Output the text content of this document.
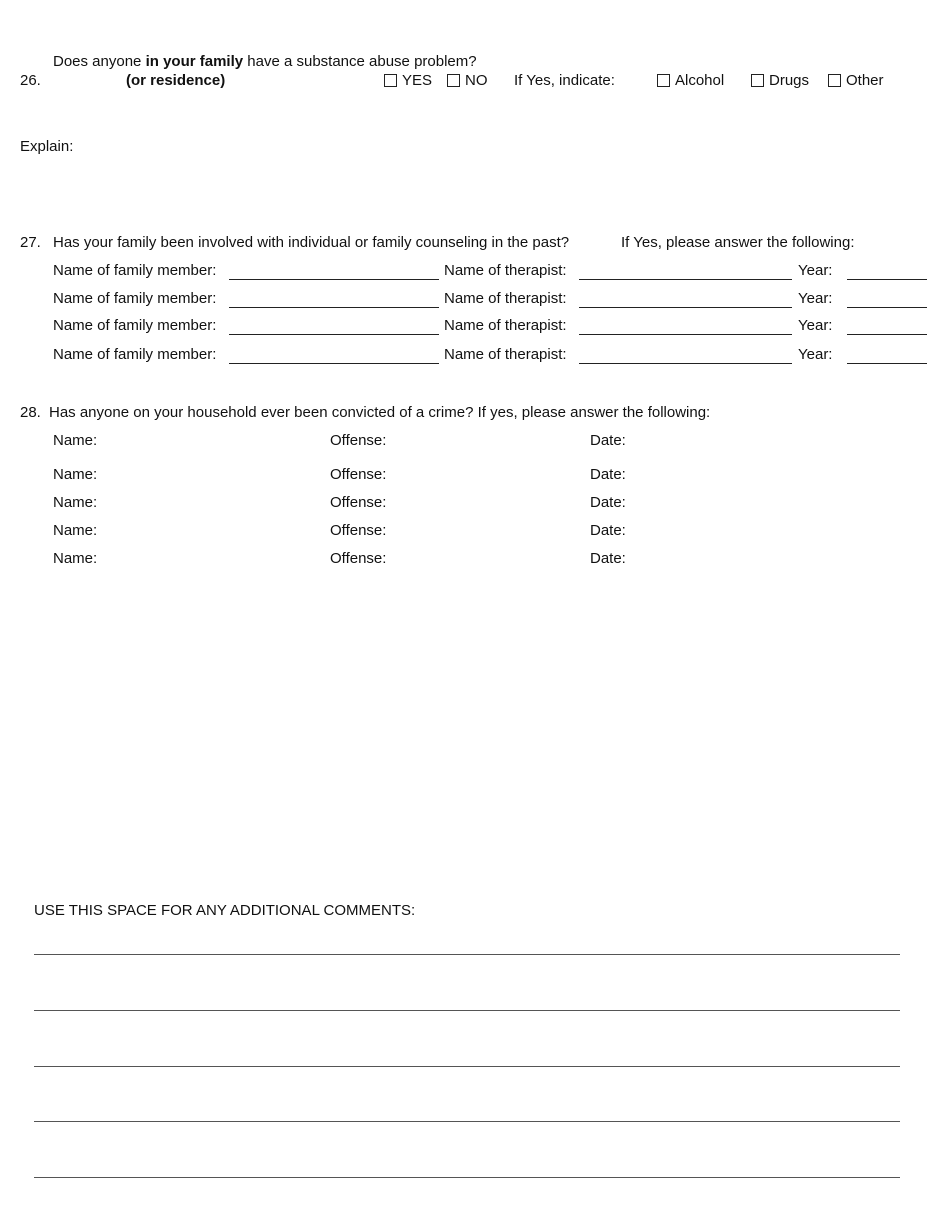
Does anyone in your family have a substance abuse problem?
26.	(or residence)	YES	NO If Yes, indicate:	Alcohol	Drugs	Other
Explain:
27. Has your family been involved with individual or family counseling in the past?	If Yes, please answer the following:
Name of family member:	Name of therapist:	Year:
Name of family member:	Name of therapist:	Year:
Name of family member:	Name of therapist:	Year:
Name of family member:	Name of therapist:	Year:
28. Has anyone on your household ever been convicted of a crime? If yes, please answer the following:
Name:	Offense:	Date:
Name:	Offense:	Date:
Name:	Offense:	Date:
Name:	Offense:	Date:
Name:	Offense:	Date:
USE THIS SPACE FOR ANY ADDITIONAL COMMENTS:
